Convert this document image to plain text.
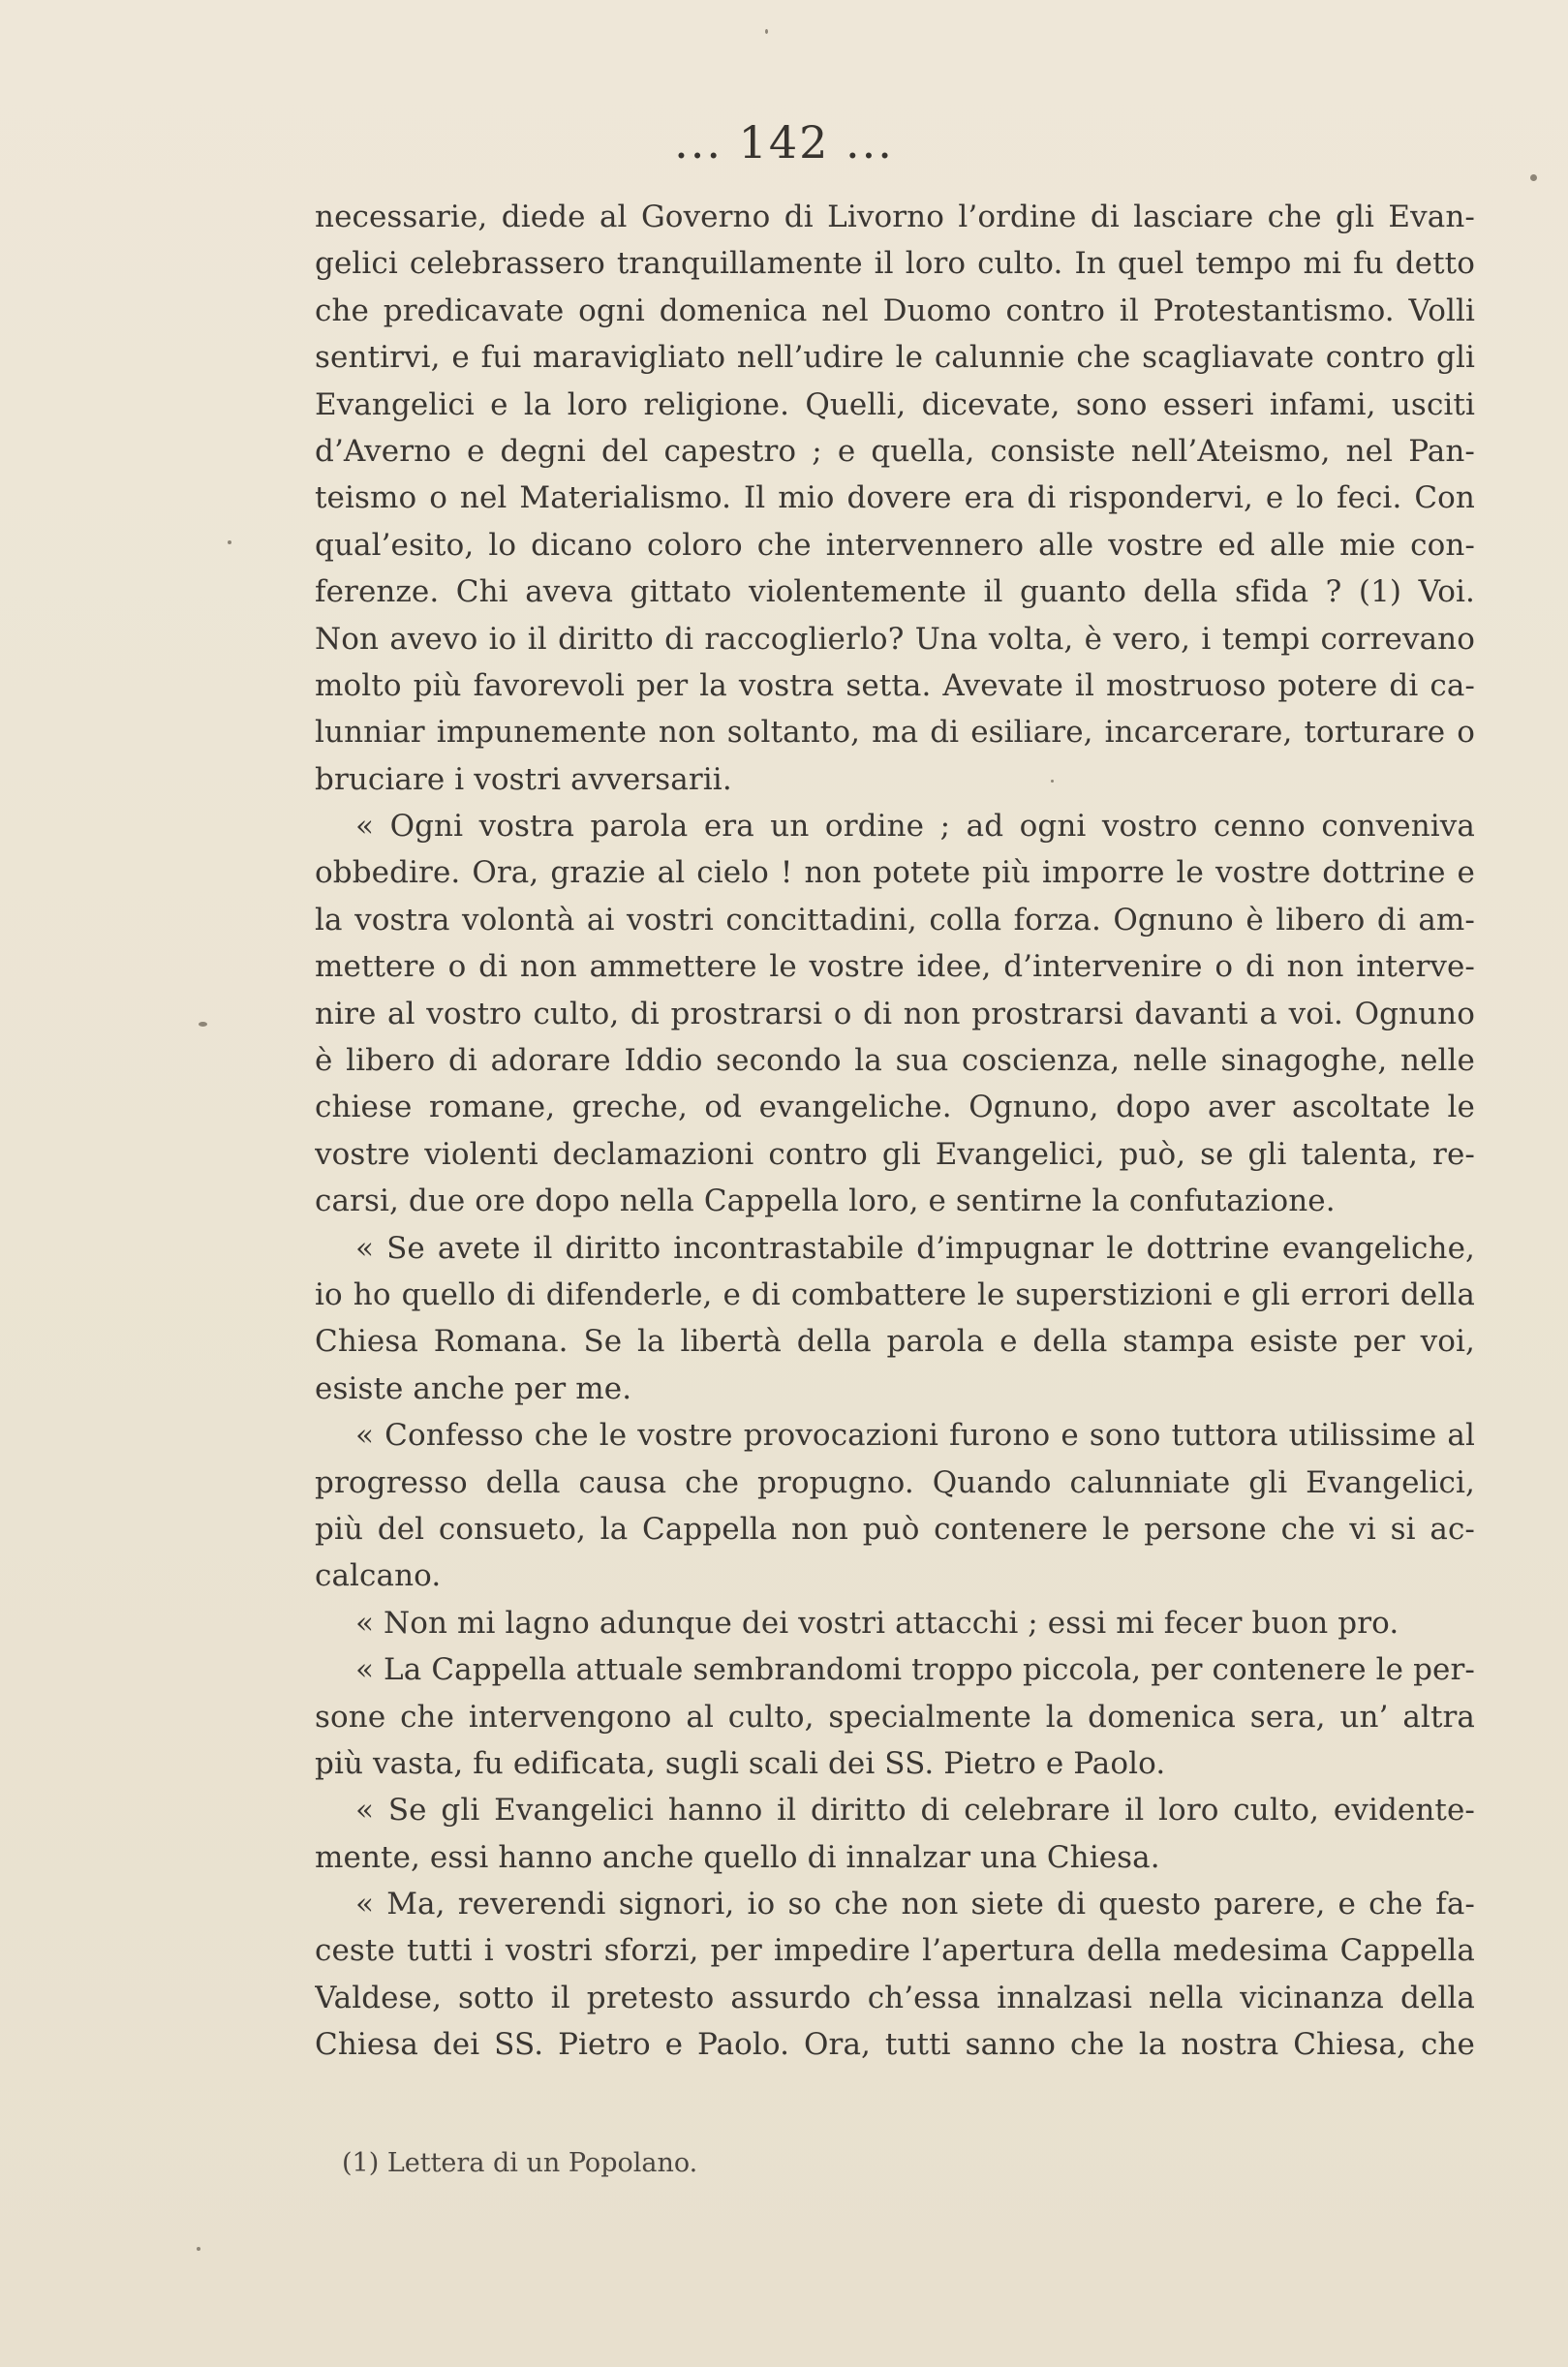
... 142 ...
necessarie, diede al Governo di Livorno l’ordine di lasciare che gli Evan-
gelici celebrassero tranquillamente il loro culto. In quel tempo mi fu detto
che predicavate ogni domenica nel Duomo contro il Protestantismo. Volli
sentirvi, e fui maravigliato nell’udire le calunnie che scagliavate contro gli
Evangelici e la loro religione. Quelli, dicevate, sono esseri infami, usciti
d’Averno e degni del capestro ; e quella, consiste nell’Ateismo, nel Pan-
teismo o nel Materialismo. Il mio dovere era di rispondervi, e lo feci. Con
qual’esito, lo dicano coloro che intervennero alle vostre ed alle mie con-
ferenze. Chi aveva gittato violentemente il guanto della sfida ? (1) Voi.
Non avevo io il diritto di raccoglierlo? Una volta, è vero, i tempi correvano
molto più favorevoli per la vostra setta. Avevate il mostruoso potere di ca-
lunniar impunemente non soltanto, ma di esiliare, incarcerare, torturare o
bruciare i vostri avversarii.
« Ogni vostra parola era un ordine ; ad ogni vostro cenno conveniva
obbedire. Ora, grazie al cielo ! non potete più imporre le vostre dottrine e
la vostra volontà ai vostri concittadini, colla forza. Ognuno è libero di am-
mettere o di non ammettere le vostre idee, d’intervenire o di non interve-
nire al vostro culto, di prostrarsi o di non prostrarsi davanti a voi. Ognuno
è libero di adorare Iddio secondo la sua coscienza, nelle sinagoghe, nelle
chiese romane, greche, od evangeliche. Ognuno, dopo aver ascoltate le
vostre violenti declamazioni contro gli Evangelici, può, se gli talenta, re-
carsi, due ore dopo nella Cappella loro, e sentirne la confutazione.
« Se avete il diritto incontrastabile d’impugnar le dottrine evangeliche,
io ho quello di difenderle, e di combattere le superstizioni e gli errori della
Chiesa Romana. Se la libertà della parola e della stampa esiste per voi,
esiste anche per me.
« Confesso che le vostre provocazioni furono e sono tuttora utilissime al
progresso della causa che propugno. Quando calunniate gli Evangelici,
più del consueto, la Cappella non può contenere le persone che vi si ac-
calcano.
« Non mi lagno adunque dei vostri attacchi ; essi mi fecer buon pro.
« La Cappella attuale sembrandomi troppo piccola, per contenere le per-
sone che intervengono al culto, specialmente la domenica sera, un’ altra
più vasta, fu edificata, sugli scali dei SS. Pietro e Paolo.
« Se gli Evangelici hanno il diritto di celebrare il loro culto, evidente-
mente, essi hanno anche quello di innalzar una Chiesa.
« Ma, reverendi signori, io so che non siete di questo parere, e che fa-
ceste tutti i vostri sforzi, per impedire l’apertura della medesima Cappella
Valdese, sotto il pretesto assurdo ch’essa innalzasi nella vicinanza della
Chiesa dei SS. Pietro e Paolo. Ora, tutti sanno che la nostra Chiesa, che
(1) Lettera di un Popolano.
